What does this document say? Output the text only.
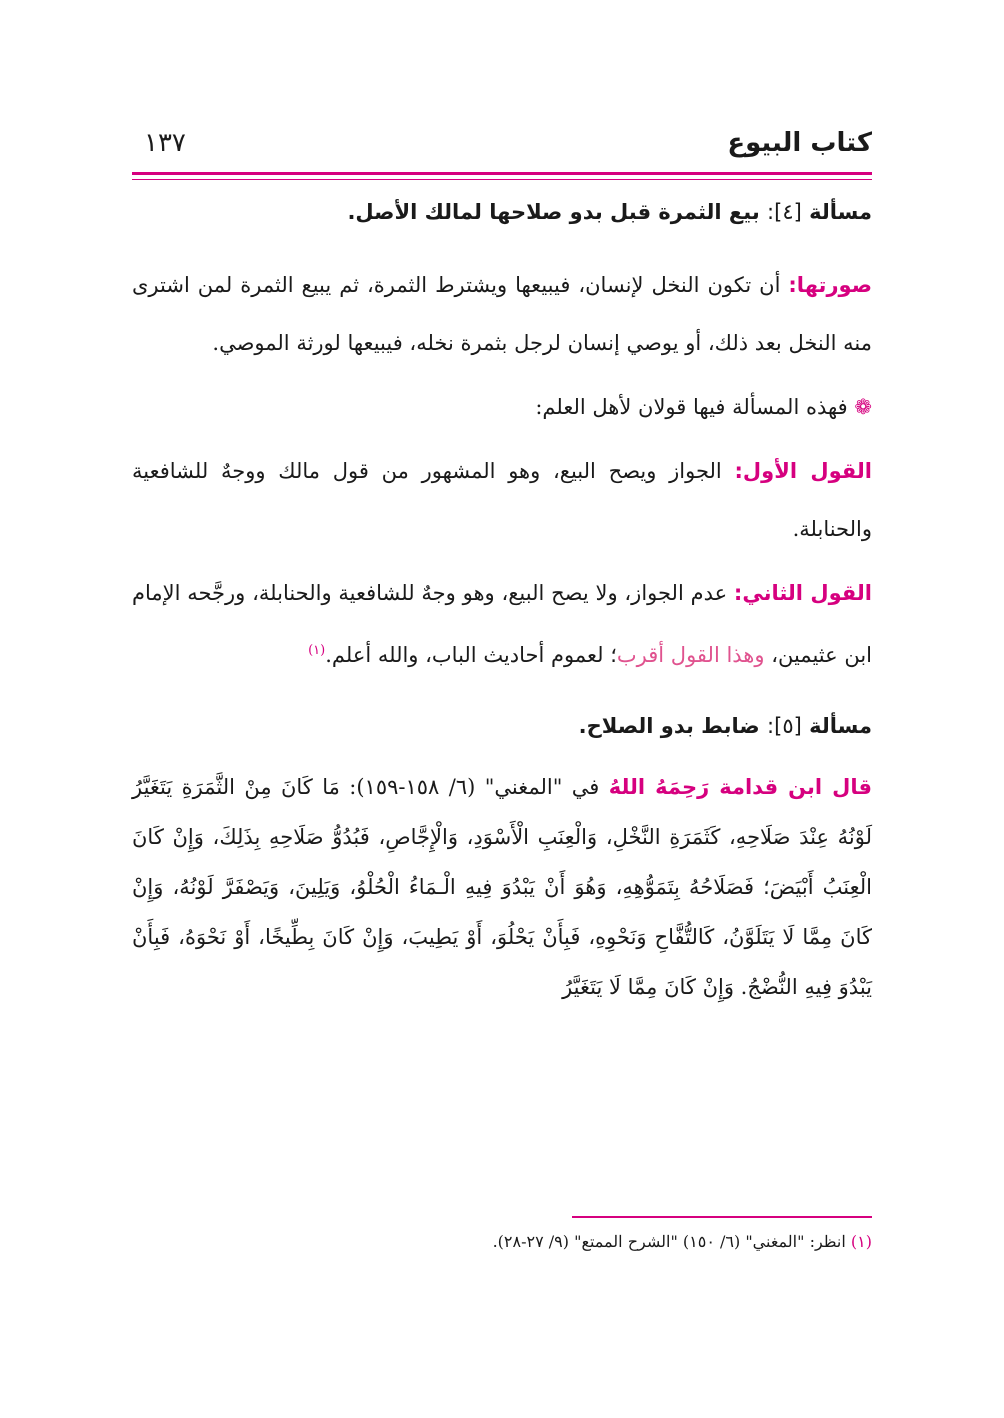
كتاب البيوع
١٣٧

مسألة [٤]: بيع الثمرة قبل بدو صلاحها لمالك الأصل.

صورتها: أن تكون النخل لإنسان، فيبيعها ويشترط الثمرة، ثم يبيع الثمرة لمن اشترى منه النخل بعد ذلك، أو يوصي إنسان لرجل بثمرة نخله، فيبيعها لورثة الموصي.

❁ فهذه المسألة فيها قولان لأهل العلم:

القول الأول: الجواز ويصح البيع، وهو المشهور من قول مالك ووجهٌ للشافعية والحنابلة.

القول الثاني: عدم الجواز، ولا يصح البيع، وهو وجهٌ للشافعية والحنابلة، ورجَّحه الإمام ابن عثيمين، وهذا القول أقرب؛ لعموم أحاديث الباب، والله أعلم.$^{(١)}$

مسألة [٥]: ضابط بدو الصلاح.

قال ابن قدامة رَحِمَهُ اللهُ في "المغني" (٦/ ١٥٨-١٥٩): مَا كَانَ مِنْ الثَّمَرَةِ يَتَغَيَّرُ لَوْنُهُ عِنْدَ صَلَاحِهِ، كَثَمَرَةِ النَّخْلِ، وَالْعِنَبِ الْأَسْوَدِ، وَالْإِجَّاصِ، فَبُدُوُّ صَلَاحِهِ بِذَلِكَ، وَإِنْ كَانَ الْعِنَبُ أَبْيَضَ؛ فَصَلَاحُهُ بِتَمَوُّهِهِ، وَهُوَ أَنْ يَبْدُوَ فِيهِ الْـمَاءُ الْحُلْوُ، وَيَلِينَ، وَيَصْفَرَّ لَوْنُهُ، وَإِنْ كَانَ مِمَّا لَا يَتَلَوَّنُ، كَالتُّفَّاحِ وَنَحْوِهِ، فَبِأَنْ يَحْلُوَ، أَوْ يَطِيبَ، وَإِنْ كَانَ بِطِّيخًا، أَوْ نَحْوَهُ، فَبِأَنْ يَبْدُوَ فِيهِ النُّضْجُ. وَإِنْ كَانَ مِمَّا لَا يَتَغَيَّرُ

(١) انظر: "المغني" (٦/ ١٥٠) "الشرح الممتع" (٩/ ٢٧-٢٨).
